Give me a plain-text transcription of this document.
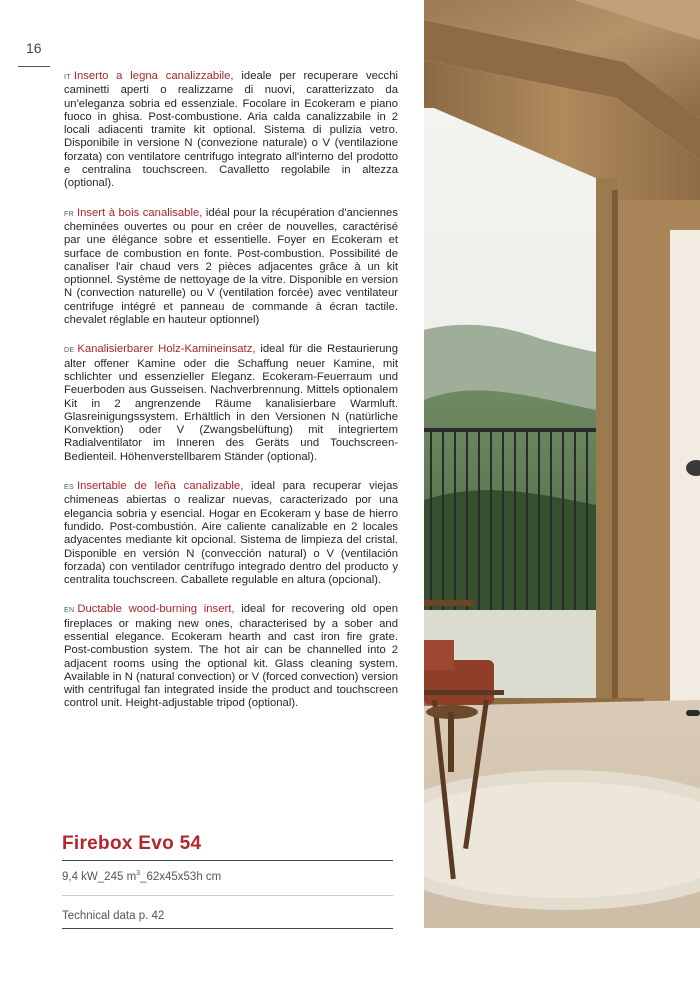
16

IT Inserto a legna canalizzabile, ideale per recuperare vecchi caminetti aperti o realizzarne di nuovi, caratterizzato da un'eleganza sobria ed essenziale. Focolare in Ecokeram e piano fuoco in ghisa. Post-combustione. Aria calda canalizzabile in 2 locali adiacenti tramite kit optional. Sistema di pulizia vetro. Disponibile in versione N (convezione naturale) o V (ventilazione forzata) con ventilatore centrifugo integrato all'interno del prodotto e centralina touchscreen. Cavalletto regolabile in altezza (optional).

FR Insert à bois canalisable, idéal pour la récupération d'anciennes cheminées ouvertes ou pour en créer de nouvelles, caractérisé par une élégance sobre et essentielle. Foyer en Ecokeram et surface de combustion en fonte. Post-combustion. Possibilité de canaliser l'air chaud vers 2 pièces adjacentes grâce à un kit optionnel. Système de nettoyage de la vitre. Disponible en version N (convection naturelle) ou V (ventilation forcée) avec ventilateur centrifuge intégré et panneau de commande à écran tactile. chevalet réglable en hauteur optionnel)

DE Kanalisierbarer Holz-Kamineinsatz, ideal für die Restaurierung alter offener Kamine oder die Schaffung neuer Kamine, mit schlichter und essenzieller Eleganz. Ecokeram-Feuerraum und Feuerboden aus Gusseisen. Nachverbrennung. Mittels optionalem Kit in 2 angrenzende Räume kanalisierbare Warmluft. Glasreinigungssystem. Erhältlich in den Versionen N (natürliche Konvektion) oder V (Zwangsbelüftung) mit integriertem Radialventilator im Inneren des Geräts und Touchscreen-Bedienteil. Höhenverstellbarem Ständer (optional).

ES Insertable de leña canalizable, ideal para recuperar viejas chimeneas abiertas o realizar nuevas, caracterizado por una elegancia sobria y esencial. Hogar en Ecokeram y base de hierro fundido. Post-combustión. Aire caliente canalizable en 2 locales adyacentes mediante kit opcional. Sistema de limpieza del cristal. Disponible en versión N (convección natural) o V (ventilación forzada) con ventilador centrífugo integrado dentro del producto y centralita touchscreen. Caballete regulable en altura (opcional).

EN Ductable wood-burning insert, ideal for recovering old open fireplaces or making new ones, characterised by a sober and essential elegance. Ecokeram hearth and cast iron fire grate. Post-combustion system. The hot air can be channelled into 2 adjacent rooms using the optional kit. Glass cleaning system. Available in N (natural convection) or V (forced convection) version with centrifugal fan integrated inside the product and touchscreen control unit. Height-adjustable tripod (optional).

Firebox Evo 54
9,4 kW_245 $m^3\_62x45x53h$ cm
Technical data p. 42
